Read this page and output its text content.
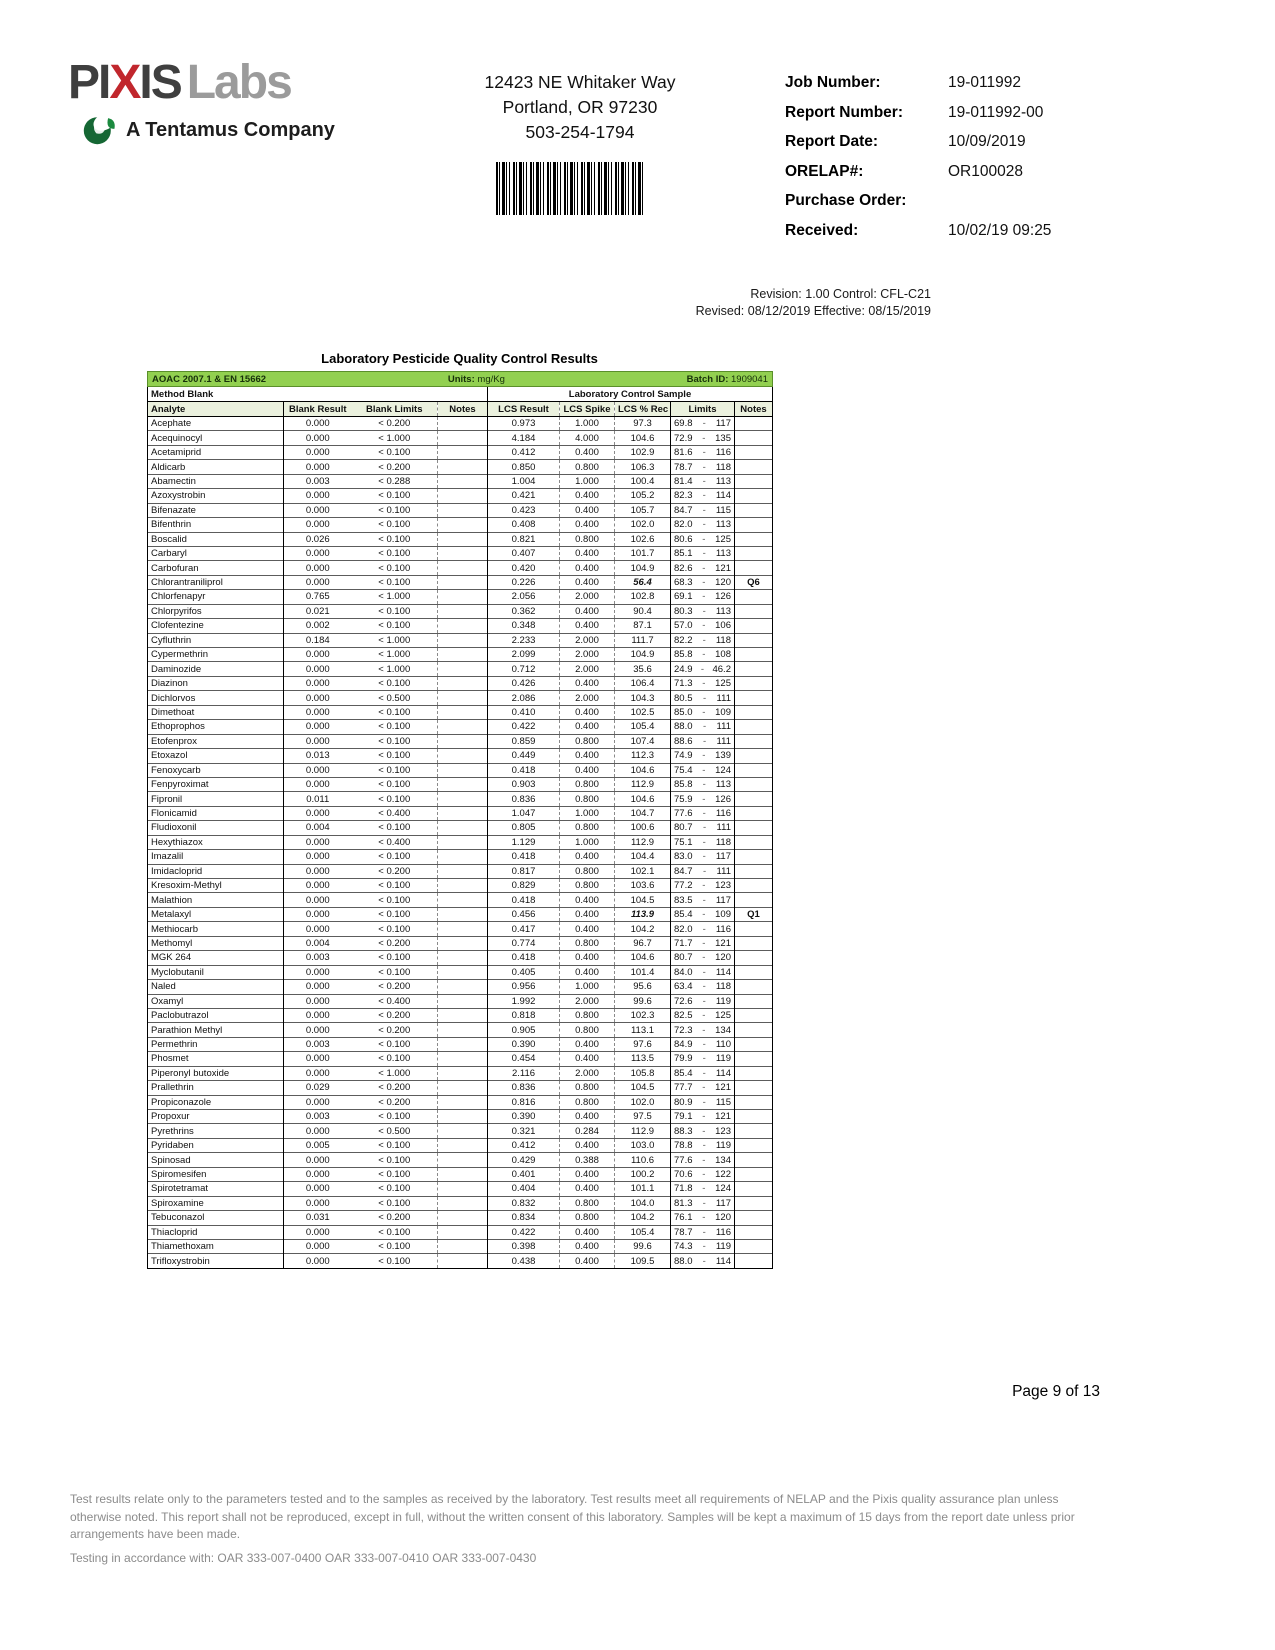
PIXIS Labs
A Tentamus Company
12423 NE Whitaker Way
Portland, OR 97230
503-254-1794
Job Number:	19-011992
Report Number:	19-011992-00
Report Date:	10/09/2019
ORELAP#:	OR100028
Purchase Order:
Received:	10/02/19 09:25
Revision: 1.00 Control: CFL-C21
Revised: 08/12/2019 Effective: 08/15/2019
Laboratory Pesticide Quality Control Results
AOAC 2007.1 & EN 15662 Units: mg/Kg Batch ID: 1909041								

Method Blank				Laboratory Control Sample				
Analyte	Blank Result	Blank Limits	Notes	LCS Result	LCS Spike	LCS % Rec	Limits	Notes
Acephate	0.000	< 0.200		0.973	1.000	97.3	69.8 - 117	

Acequinocyl	0.000	< 1.000		4.184	4.000	104.6	72.9 - 135	

Acetamiprid	0.000	< 0.100		0.412	0.400	102.9	81.6 - 116	

Aldicarb	0.000	< 0.200		0.850	0.800	106.3	78.7 - 118	

Abamectin	0.003	< 0.288		1.004	1.000	100.4	81.4 - 113	

Azoxystrobin	0.000	< 0.100		0.421	0.400	105.2	82.3 - 114	

Bifenazate	0.000	< 0.100		0.423	0.400	105.7	84.7 - 115	

Bifenthrin	0.000	< 0.100		0.408	0.400	102.0	82.0 - 113	

Boscalid	0.026	< 0.100		0.821	0.800	102.6	80.6 - 125	

Carbaryl	0.000	< 0.100		0.407	0.400	101.7	85.1 - 113	

Carbofuran	0.000	< 0.100		0.420	0.400	104.9	82.6 - 121	

Chlorantraniliprol	0.000	< 0.100		0.226	0.400	56.4	68.3 - 120	Q6
Chlorfenapyr	0.765	< 1.000		2.056	2.000	102.8	69.1 - 126	

Chlorpyrifos	0.021	< 0.100		0.362	0.400	90.4	80.3 - 113	

Clofentezine	0.002	< 0.100		0.348	0.400	87.1	57.0 - 106	

Cyfluthrin	0.184	< 1.000		2.233	2.000	111.7	82.2 - 118	

Cypermethrin	0.000	< 1.000		2.099	2.000	104.9	85.8 - 108	

Daminozide	0.000	< 1.000		0.712	2.000	35.6	24.9 - 46.2	

Diazinon	0.000	< 0.100		0.426	0.400	106.4	71.3 - 125	

Dichlorvos	0.000	< 0.500		2.086	2.000	104.3	80.5 - 111	

Dimethoat	0.000	< 0.100		0.410	0.400	102.5	85.0 - 109	

Ethoprophos	0.000	< 0.100		0.422	0.400	105.4	88.0 - 111	

Etofenprox	0.000	< 0.100		0.859	0.800	107.4	88.6 - 111	

Etoxazol	0.013	< 0.100		0.449	0.400	112.3	74.9 - 139	

Fenoxycarb	0.000	< 0.100		0.418	0.400	104.6	75.4 - 124	

Fenpyroximat	0.000	< 0.100		0.903	0.800	112.9	85.8 - 113	

Fipronil	0.011	< 0.100		0.836	0.800	104.6	75.9 - 126	

Flonicamid	0.000	< 0.400		1.047	1.000	104.7	77.6 - 116	

Fludioxonil	0.004	< 0.100		0.805	0.800	100.6	80.7 - 111	

Hexythiazox	0.000	< 0.400		1.129	1.000	112.9	75.1 - 118	

Imazalil	0.000	< 0.100		0.418	0.400	104.4	83.0 - 117	

Imidacloprid	0.000	< 0.200		0.817	0.800	102.1	84.7 - 111	

Kresoxim-Methyl	0.000	< 0.100		0.829	0.800	103.6	77.2 - 123	

Malathion	0.000	< 0.100		0.418	0.400	104.5	83.5 - 117	

Metalaxyl	0.000	< 0.100		0.456	0.400	113.9	85.4 - 109	Q1
Methiocarb	0.000	< 0.100		0.417	0.400	104.2	82.0 - 116	

Methomyl	0.004	< 0.200		0.774	0.800	96.7	71.7 - 121	

MGK 264	0.003	< 0.100		0.418	0.400	104.6	80.7 - 120	

Myclobutanil	0.000	< 0.100		0.405	0.400	101.4	84.0 - 114	

Naled	0.000	< 0.200		0.956	1.000	95.6	63.4 - 118	

Oxamyl	0.000	< 0.400		1.992	2.000	99.6	72.6 - 119	

Paclobutrazol	0.000	< 0.200		0.818	0.800	102.3	82.5 - 125	

Parathion Methyl	0.000	< 0.200		0.905	0.800	113.1	72.3 - 134	

Permethrin	0.003	< 0.100		0.390	0.400	97.6	84.9 - 110	

Phosmet	0.000	< 0.100		0.454	0.400	113.5	79.9 - 119	

Piperonyl butoxide	0.000	< 1.000		2.116	2.000	105.8	85.4 - 114	

Prallethrin	0.029	< 0.200		0.836	0.800	104.5	77.7 - 121	

Propiconazole	0.000	< 0.200		0.816	0.800	102.0	80.9 - 115	

Propoxur	0.003	< 0.100		0.390	0.400	97.5	79.1 - 121	

Pyrethrins	0.000	< 0.500		0.321	0.284	112.9	88.3 - 123	

Pyridaben	0.005	< 0.100		0.412	0.400	103.0	78.8 - 119	

Spinosad	0.000	< 0.100		0.429	0.388	110.6	77.6 - 134	

Spiromesifen	0.000	< 0.100		0.401	0.400	100.2	70.6 - 122	

Spirotetramat	0.000	< 0.100		0.404	0.400	101.1	71.8 - 124	

Spiroxamine	0.000	< 0.100		0.832	0.800	104.0	81.3 - 117	

Tebuconazol	0.031	< 0.200		0.834	0.800	104.2	76.1 - 120	

Thiacloprid	0.000	< 0.100		0.422	0.400	105.4	78.7 - 116	

Thiamethoxam	0.000	< 0.100		0.398	0.400	99.6	74.3 - 119	

Trifloxystrobin	0.000	< 0.100		0.438	0.400	109.5	88.0 - 114	

Page 9 of 13
Test results relate only to the parameters tested and to the samples as received by the laboratory. Test results meet all requirements of NELAP and the Pixis quality assurance plan unless otherwise noted. This report shall not be reproduced, except in full, without the written consent of this laboratory. Samples will be kept a maximum of 15 days from the report date unless prior arrangements have been made.
Testing in accordance with: OAR 333-007-0400 OAR 333-007-0410 OAR 333-007-0430
